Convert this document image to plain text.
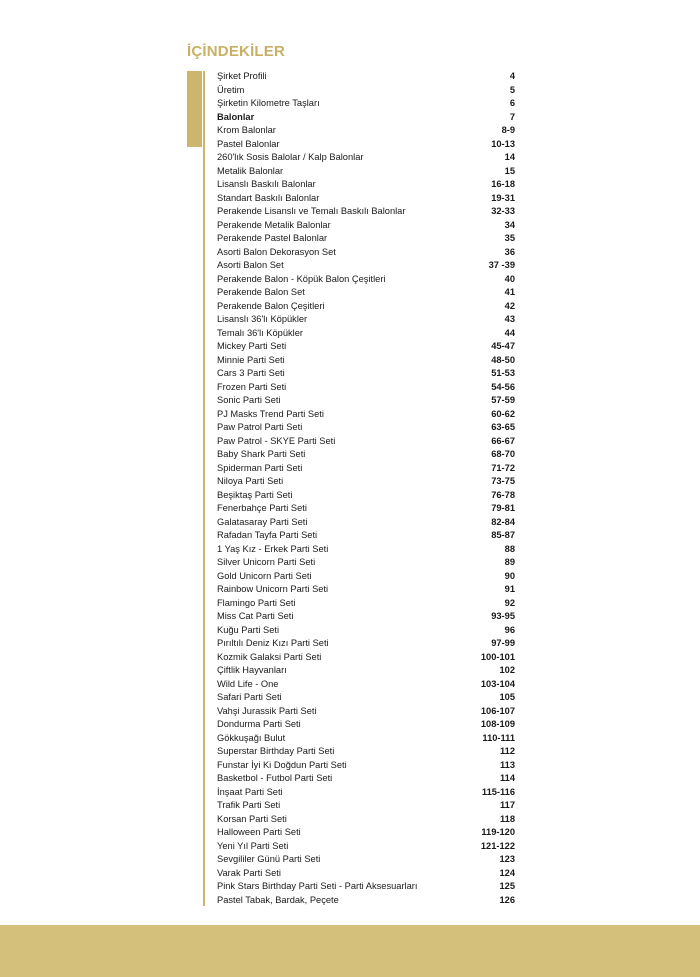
İÇİNDEKİLER
Şirket Profili	4
Üretim	5
Şirketin Kilometre Taşları	6
Balonlar	7
Krom Balonlar	8-9
Pastel Balonlar	10-13
260'lık Sosis Balolar / Kalp Balonlar	14
Metalik Balonlar	15
Lisanslı Baskılı Balonlar	16-18
Standart Baskılı Balonlar	19-31
Perakende Lisanslı ve Temalı Baskılı Balonlar	32-33
Perakende Metalik Balonlar	34
Perakende Pastel Balonlar	35
Asorti Balon Dekorasyon Set	36
Asorti Balon Set	37 -39
Perakende Balon - Köpük Balon Çeşitleri	40
Perakende Balon Set	41
Perakende Balon Çeşitleri	42
Lisanslı 36'lı Köpükler	43
Temalı 36'lı Köpükler	44
Mickey Parti Seti	45-47
Minnie Parti Seti	48-50
Cars 3 Parti Seti	51-53
Frozen Parti Seti	54-56
Sonic Parti Seti	57-59
PJ Masks Trend Parti Seti	60-62
Paw Patrol Parti Seti	63-65
Paw Patrol - SKYE Parti Seti	66-67
Baby Shark Parti Seti	68-70
Spiderman Parti Seti	71-72
Niloya Parti Seti	73-75
Beşiktaş Parti Seti	76-78
Fenerbahçe Parti Seti	79-81
Galatasaray Parti Seti	82-84
Rafadan Tayfa Parti Seti	85-87
1 Yaş Kız - Erkek Parti Seti	88
Silver Unicorn Parti Seti	89
Gold Unicorn Parti Seti	90
Rainbow Unicorn Parti Seti	91
Flamingo Parti Seti	92
Miss Cat Parti Seti	93-95
Kuğu Parti Seti	96
Pırıltılı Deniz Kızı Parti Seti	97-99
Kozmik Galaksi Parti Seti	100-101
Çiftlik Hayvanları	102
Wild Life - One	103-104
Safari Parti Seti	105
Vahşi Jurassik Parti Seti	106-107
Dondurma Parti Seti	108-109
Gökkuşağı Bulut	110-111
Superstar Birthday Parti Seti	112
Funstar İyi Ki Doğdun Parti Seti	113
Basketbol - Futbol Parti Seti	114
İnşaat Parti Seti	115-116
Trafik Parti Seti	117
Korsan Parti Seti	118
Halloween Parti Seti	119-120
Yeni Yıl Parti Seti	121-122
Sevgililer Günü Parti Seti	123
Varak Parti Seti	124
Pink Stars Birthday Parti Seti - Parti Aksesuarları	125
Pastel Tabak, Bardak, Peçete	126
